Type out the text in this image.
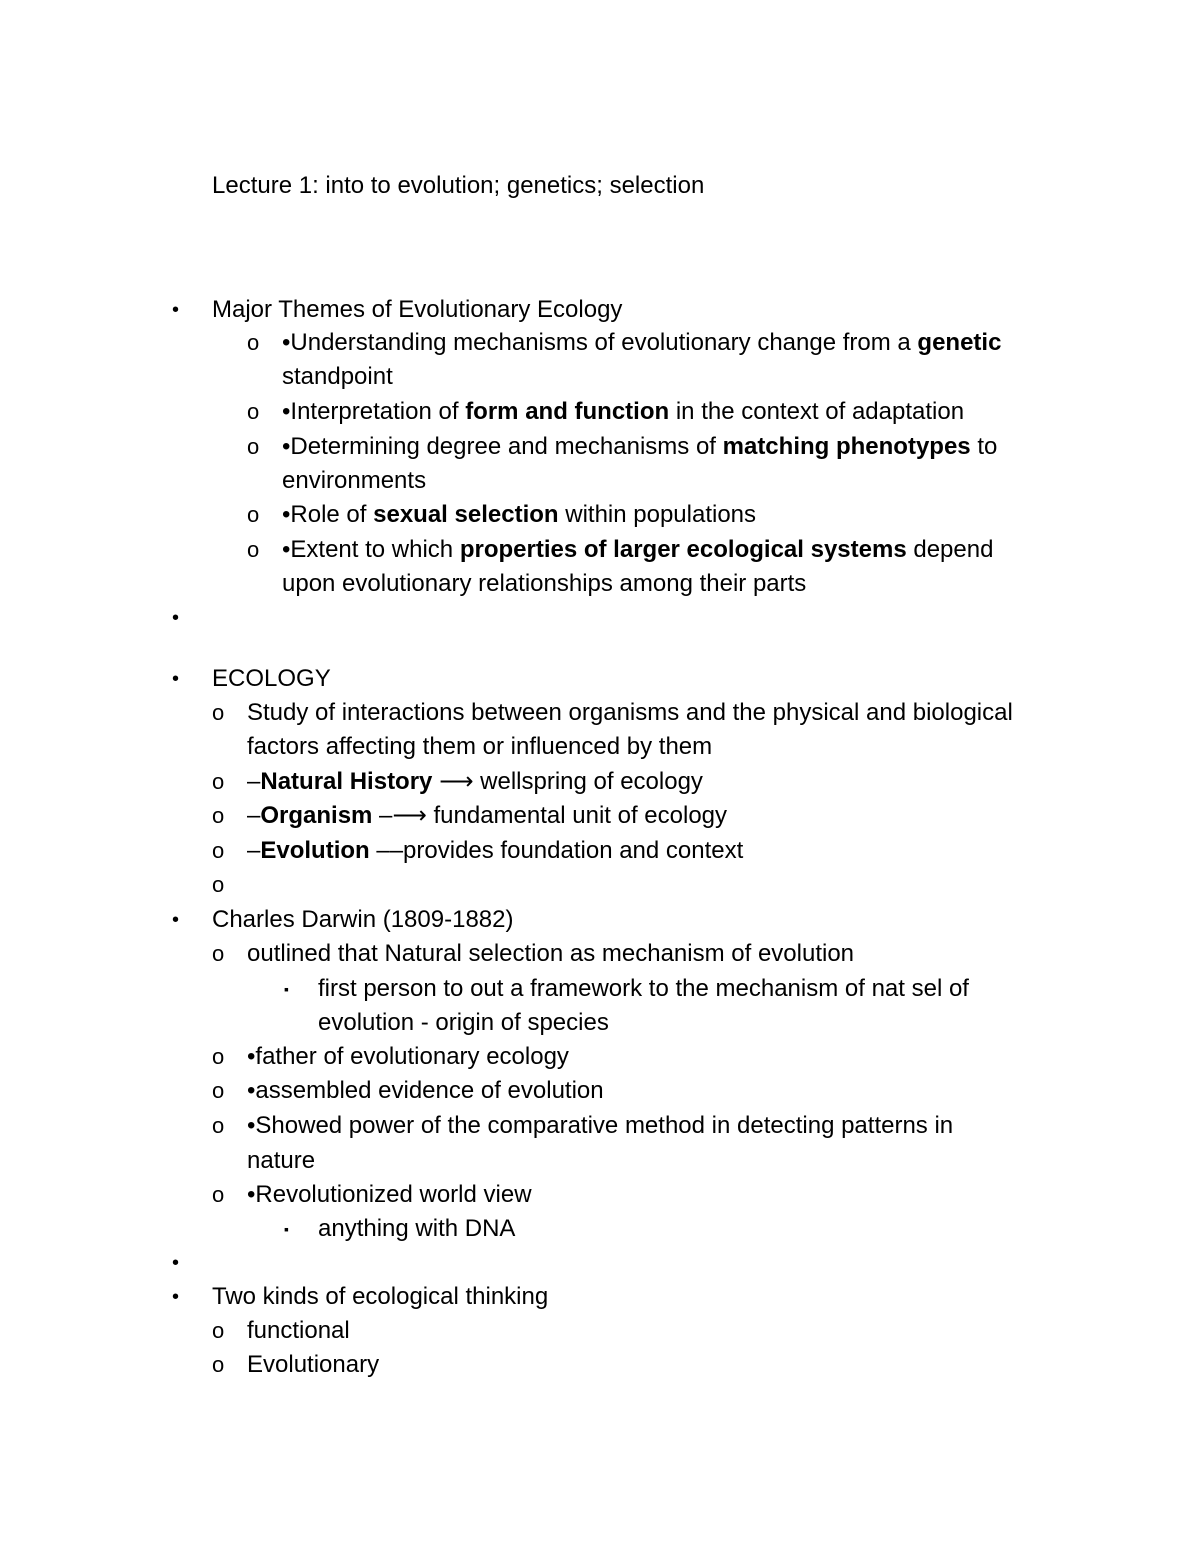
Lecture 1: into to evolution; genetics; selection
• Major Themes of Evolutionary Ecology

o •Understanding mechanisms of evolutionary change from a genetic

standpoint

o •Interpretation of form and function in the context of adaptation

o •Determining degree and mechanisms of matching phenotypes to

environments

o •Role of sexual selection within populations

o •Extent to which properties of larger ecological systems depend

upon evolutionary relationships among their parts

•
• ECOLOGY

o Study of interactions between organisms and the physical and biological

factors affecting them or influenced by them

o –Natural History ⟶ wellspring of ecology

o –Organism –⟶ fundamental unit of ecology

o –Evolution ––provides foundation and context

o
• Charles Darwin (1809-1882)

o outlined that Natural selection as mechanism of evolution

▪ first person to out a framework to the mechanism of nat sel of

evolution - origin of species

o •father of evolutionary ecology

o •assembled evidence of evolution

o •Showed power of the comparative method in detecting patterns in

nature

o •Revolutionized world view

▪ anything with DNA

•
• Two kinds of ecological thinking

o functional

o Evolutionary
